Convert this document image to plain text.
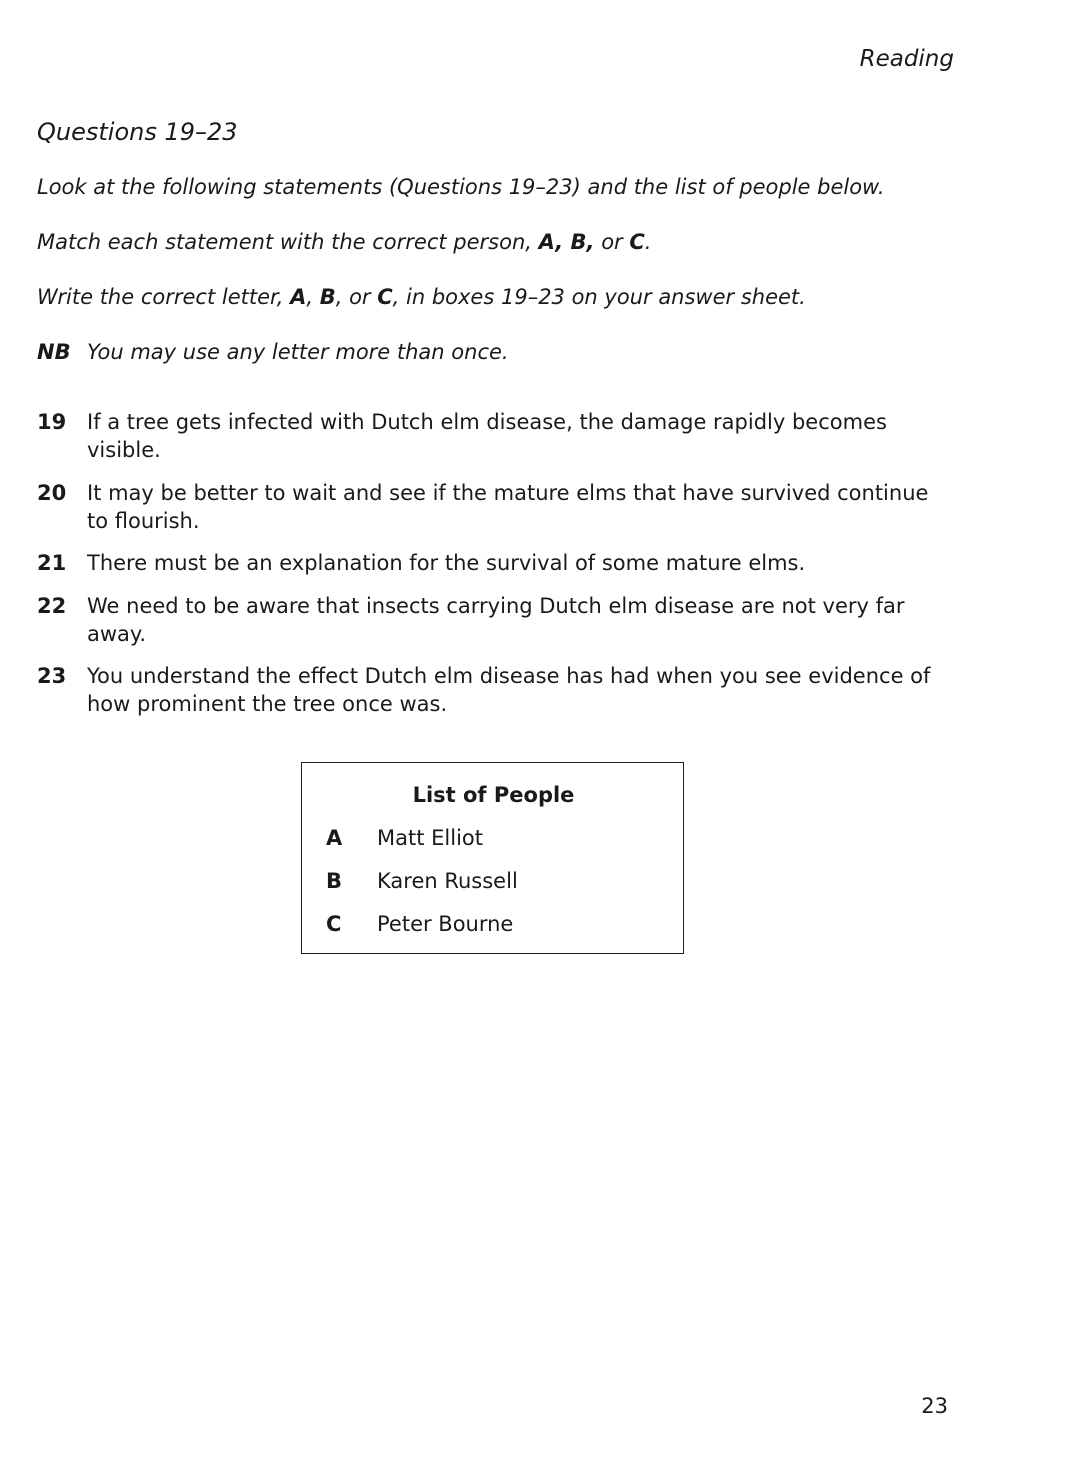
Reading
Questions 19–23
Look at the following statements (Questions 19–23) and the list of people below.
Match each statement with the correct person, A, B, or C.
Write the correct letter, A, B, or C, in boxes 19–23 on your answer sheet.
NB You may use any letter more than once.
19 If a tree gets infected with Dutch elm disease, the damage rapidly becomes visible.
20 It may be better to wait and see if the mature elms that have survived continue to flourish.
21 There must be an explanation for the survival of some mature elms.
22 We need to be aware that insects carrying Dutch elm disease are not very far away.
23 You understand the effect Dutch elm disease has had when you see evidence of how prominent the tree once was.
List of People
A	Matt Elliot
B	Karen Russell
C	Peter Bourne
23
